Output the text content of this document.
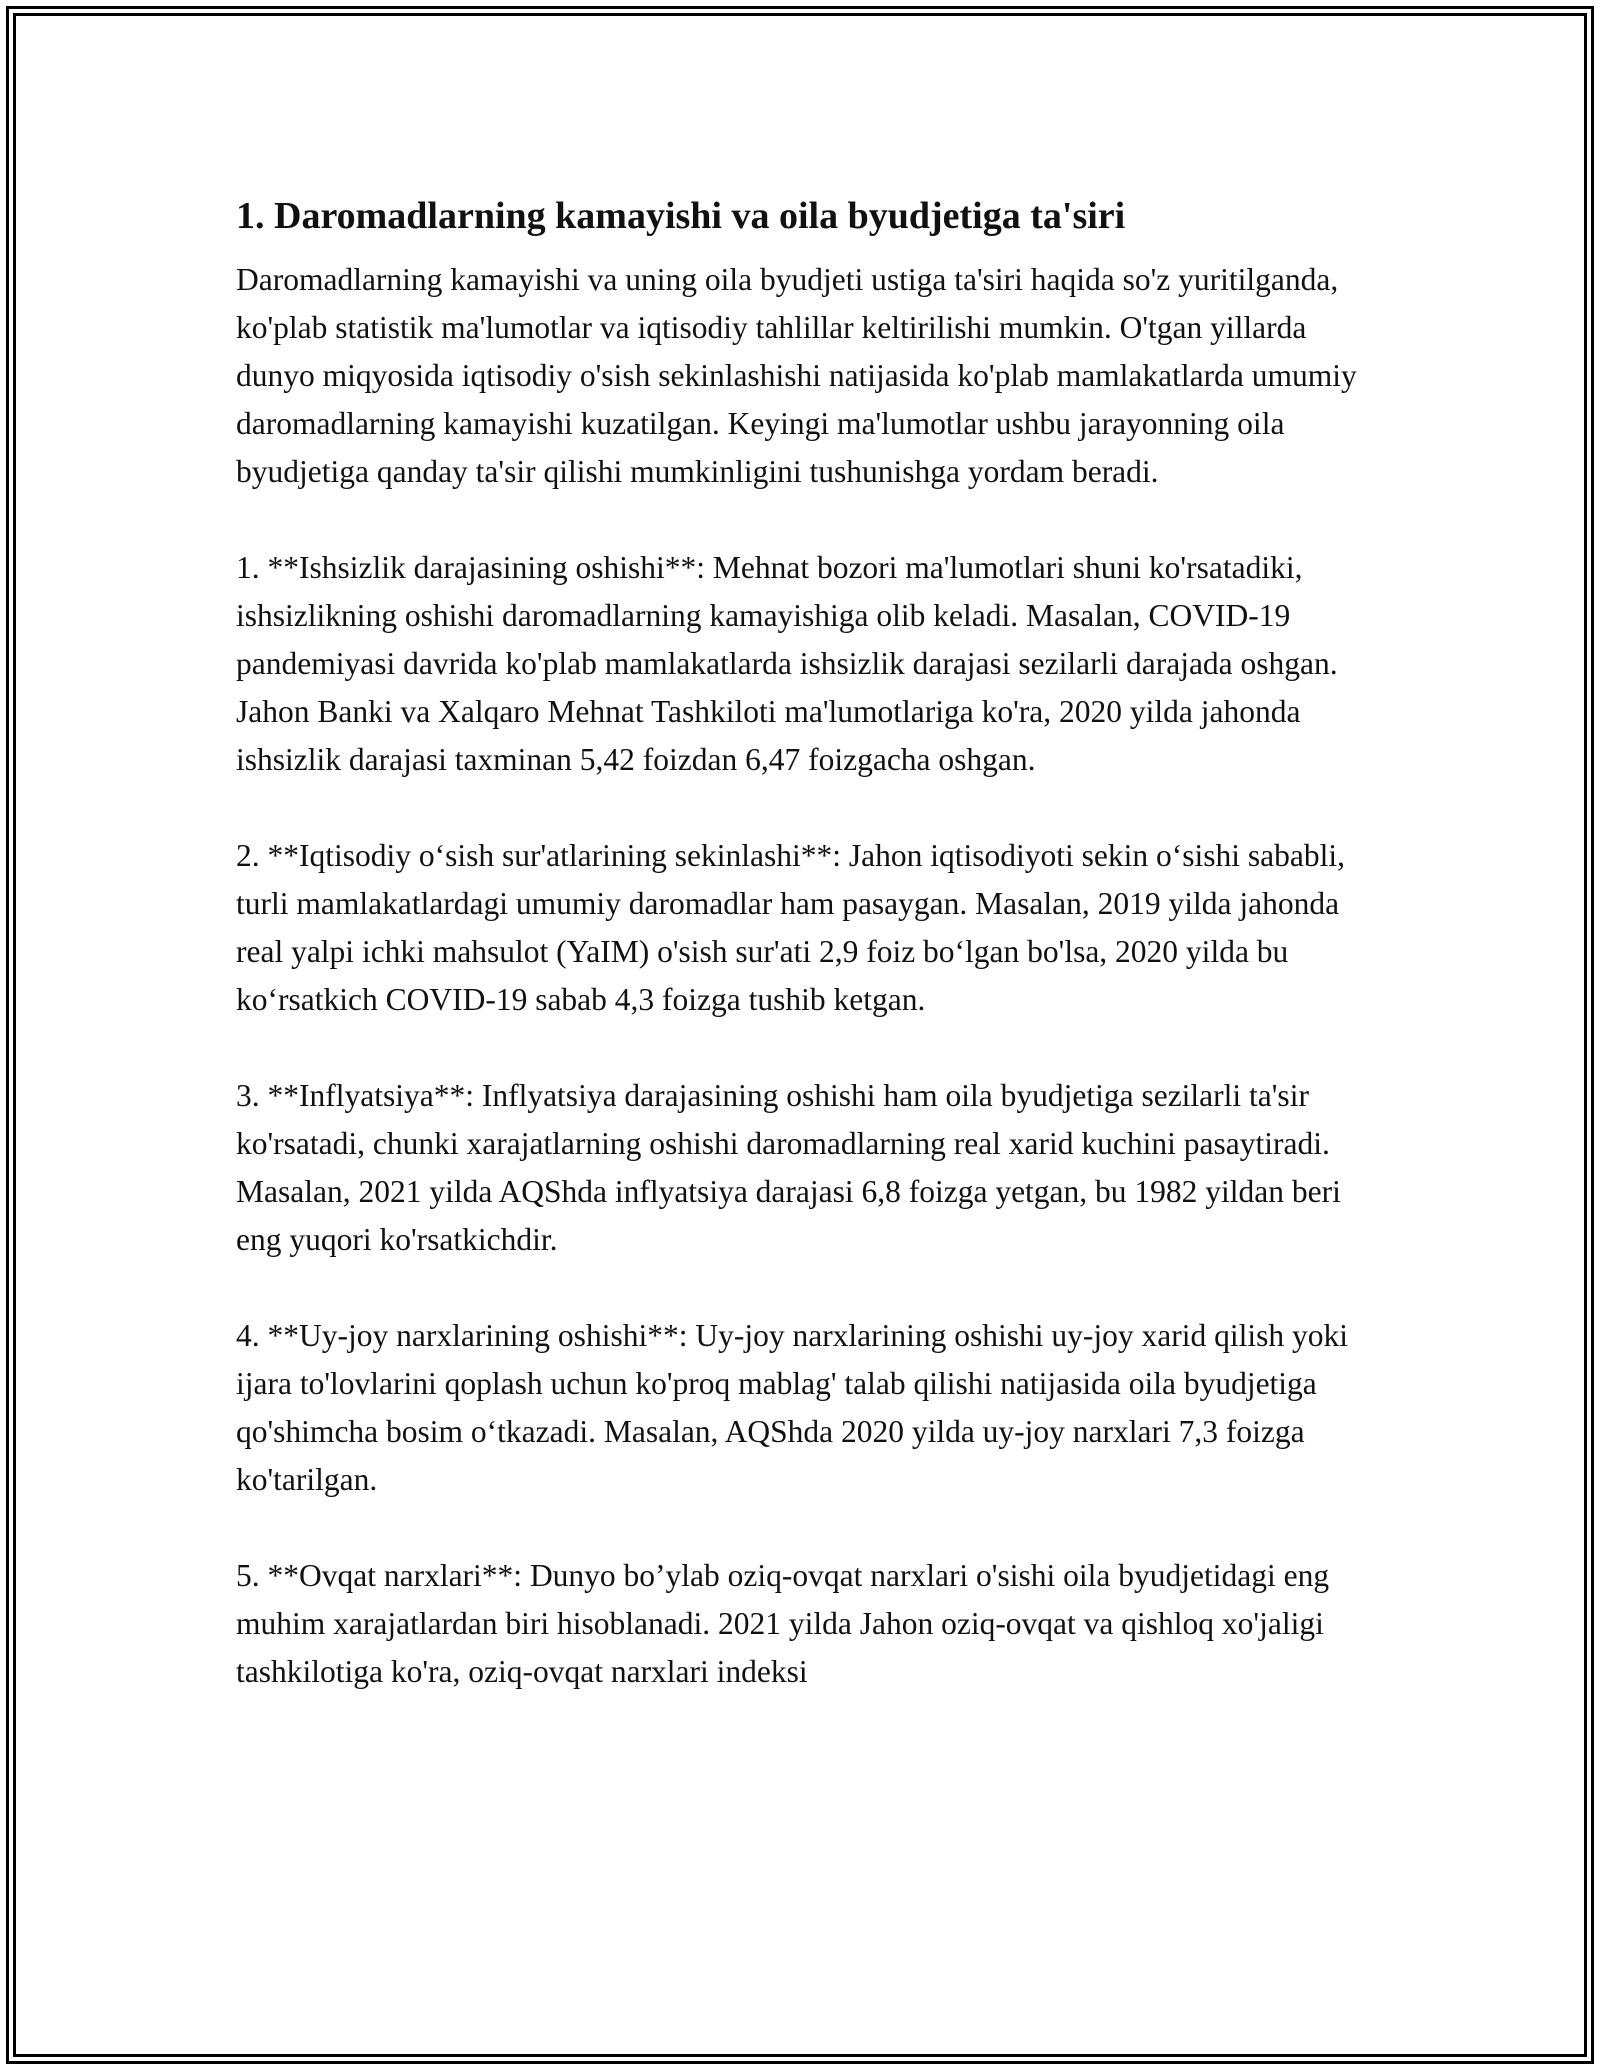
1. Daromadlarning kamayishi va oila byudjetiga ta'siri

Daromadlarning kamayishi va uning oila byudjeti ustiga ta'siri haqida so'z yuritilganda, ko'plab statistik ma'lumotlar va iqtisodiy tahlillar keltirilishi mumkin. O'tgan yillarda dunyo miqyosida iqtisodiy o'sish sekinlashishi natijasida ko'plab mamlakatlarda umumiy daromadlarning kamayishi kuzatilgan. Keyingi ma'lumotlar ushbu jarayonning oila byudjetiga qanday ta'sir qilishi mumkinligini tushunishga yordam beradi.

1. **Ishsizlik darajasining oshishi**: Mehnat bozori ma'lumotlari shuni ko'rsatadiki, ishsizlikning oshishi daromadlarning kamayishiga olib keladi. Masalan, COVID-19 pandemiyasi davrida ko'plab mamlakatlarda ishsizlik darajasi sezilarli darajada oshgan. Jahon Banki va Xalqaro Mehnat Tashkiloti ma'lumotlariga ko'ra, 2020 yilda jahonda ishsizlik darajasi taxminan 5,42 foizdan 6,47 foizgacha oshgan.

2. **Iqtisodiy o‘sish sur'atlarining sekinlashi**: Jahon iqtisodiyoti sekin o‘sishi sababli, turli mamlakatlardagi umumiy daromadlar ham pasaygan. Masalan, 2019 yilda jahonda real yalpi ichki mahsulot (YaIM) o'sish sur'ati 2,9 foiz bo‘lgan bo'lsa, 2020 yilda bu ko‘rsatkich COVID-19 sabab 4,3 foizga tushib ketgan.

3. **Inflyatsiya**: Inflyatsiya darajasining oshishi ham oila byudjetiga sezilarli ta'sir ko'rsatadi, chunki xarajatlarning oshishi daromadlarning real xarid kuchini pasaytiradi. Masalan, 2021 yilda AQShda inflyatsiya darajasi 6,8 foizga yetgan, bu 1982 yildan beri eng yuqori ko'rsatkichdir.

4. **Uy-joy narxlarining oshishi**: Uy-joy narxlarining oshishi uy-joy xarid qilish yoki ijara to'lovlarini qoplash uchun ko'proq mablag' talab qilishi natijasida oila byudjetiga qo'shimcha bosim o‘tkazadi. Masalan, AQShda 2020 yilda uy-joy narxlari 7,3 foizga ko'tarilgan.

5. **Ovqat narxlari**: Dunyo bo’ylab oziq-ovqat narxlari o'sishi oila byudjetidagi eng muhim xarajatlardan biri hisoblanadi. 2021 yilda Jahon oziq-ovqat va qishloq xo'jaligi tashkilotiga ko'ra, oziq-ovqat narxlari indeksi
